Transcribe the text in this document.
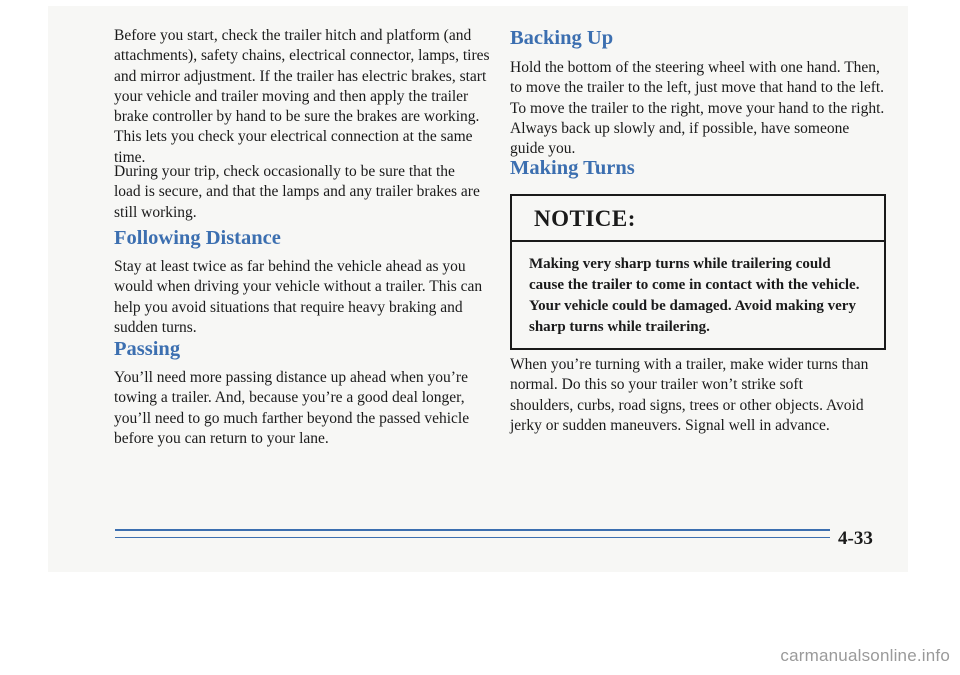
Before you start, check the trailer hitch and platform (and attachments), safety chains, electrical connector, lamps, tires and mirror adjustment. If the trailer has electric brakes, start your vehicle and trailer moving and then apply the trailer brake controller by hand to be sure the brakes are working. This lets you check your electrical connection at the same time.

During your trip, check occasionally to be sure that the load is secure, and that the lamps and any trailer brakes are still working.

Following Distance

Stay at least twice as far behind the vehicle ahead as you would when driving your vehicle without a trailer. This can help you avoid situations that require heavy braking and sudden turns.

Passing

You’ll need more passing distance up ahead when you’re towing a trailer. And, because you’re a good deal longer, you’ll need to go much farther beyond the passed vehicle before you can return to your lane.

Backing Up

Hold the bottom of the steering wheel with one hand. Then, to move the trailer to the left, just move that hand to the left. To move the trailer to the right, move your hand to the right. Always back up slowly and, if possible, have someone guide you.

Making Turns
NOTICE:
Making very sharp turns while trailering could cause the trailer to come in contact with the vehicle. Your vehicle could be damaged. Avoid making very sharp turns while trailering.

When you’re turning with a trailer, make wider turns than normal. Do this so your trailer won’t strike soft shoulders, curbs, road signs, trees or other objects. Avoid jerky or sudden maneuvers. Signal well in advance.

4-33
carmanualsonline.info
